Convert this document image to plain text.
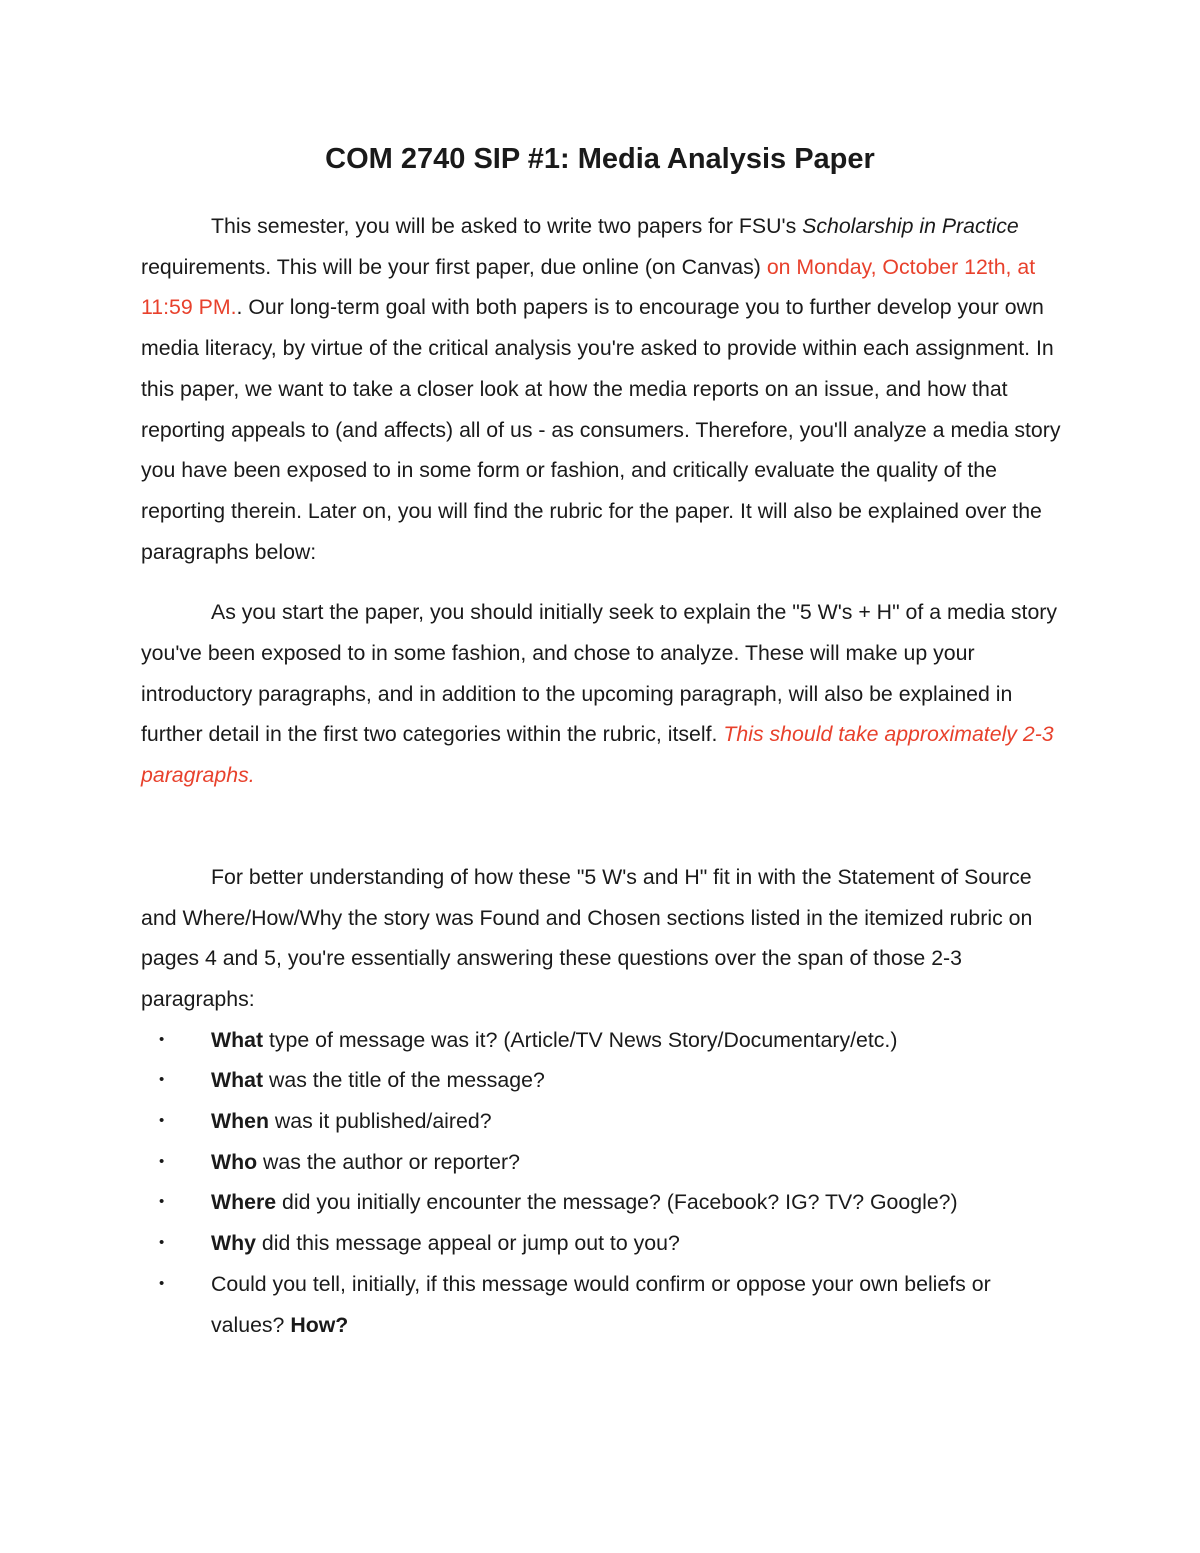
COM 2740 SIP #1: Media Analysis Paper

This semester, you will be asked to write two papers for FSU's Scholarship in Practice requirements. This will be your first paper, due online (on Canvas) on Monday, October 12th, at 11:59 PM.. Our long-term goal with both papers is to encourage you to further develop your own media literacy, by virtue of the critical analysis you're asked to provide within each assignment. In this paper, we want to take a closer look at how the media reports on an issue, and how that reporting appeals to (and affects) all of us - as consumers. Therefore, you'll analyze a media story you have been exposed to in some form or fashion, and critically evaluate the quality of the reporting therein. Later on, you will find the rubric for the paper. It will also be explained over the paragraphs below:

As you start the paper, you should initially seek to explain the "5 W's + H" of a media story you've been exposed to in some fashion, and chose to analyze. These will make up your introductory paragraphs, and in addition to the upcoming paragraph, will also be explained in further detail in the first two categories within the rubric, itself. This should take approximately 2-3 paragraphs.

For better understanding of how these "5 W's and H" fit in with the Statement of Source and Where/How/Why the story was Found and Chosen sections listed in the itemized rubric on pages 4 and 5, you're essentially answering these questions over the span of those 2-3 paragraphs:

• What type of message was it? (Article/TV News Story/Documentary/etc.)
• What was the title of the message?
• When was it published/aired?
• Who was the author or reporter?
• Where did you initially encounter the message? (Facebook? IG? TV? Google?)
• Why did this message appeal or jump out to you?
• Could you tell, initially, if this message would confirm or oppose your own beliefs or values? How?
